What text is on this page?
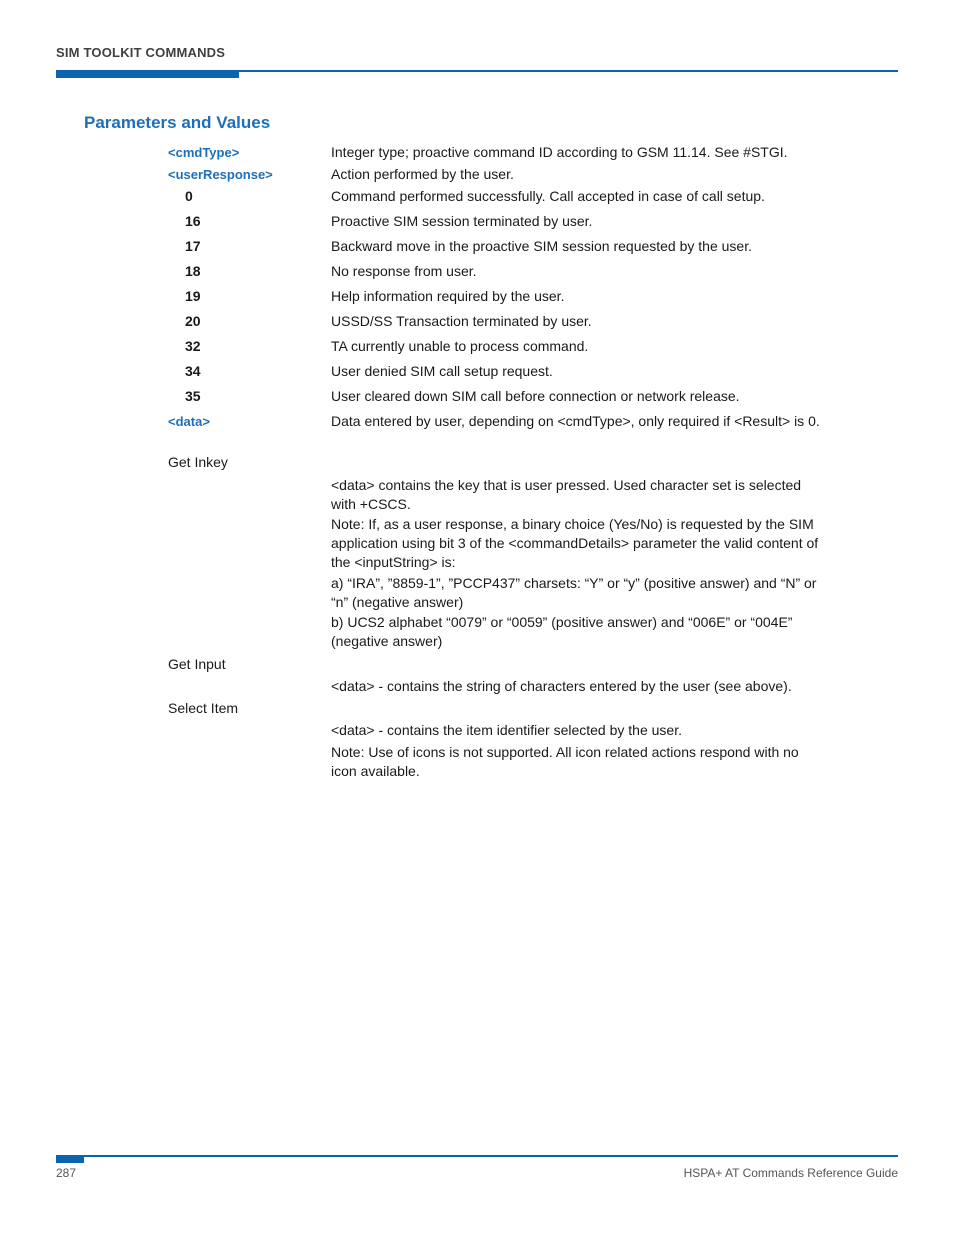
SIM TOOLKIT COMMANDS
Parameters and Values
<cmdType>	Integer type; proactive command ID according to GSM 11.14. See #STGI.
<userResponse>	Action performed by the user.
0	Command performed successfully. Call accepted in case of call setup.
16	Proactive SIM session terminated by user.
17	Backward move in the proactive SIM session requested by the user.
18	No response from user.
19	Help information required by the user.
20	USSD/SS Transaction terminated by user.
32	TA currently unable to process command.
34	User denied SIM call setup request.
35	User cleared down SIM call before connection or network release.
<data>	Data entered by user, depending on <cmdType>, only required if <Result> is 0.
Get Inkey
<data> contains the key that is user pressed. Used character set is selected with +CSCS.
Note: If, as a user response, a binary choice (Yes/No) is requested by the SIM application using bit 3 of the <commandDetails> parameter the valid content of the <inputString> is:
a) “IRA”, ”8859-1”, ”PCCP437” charsets: “Y” or “y” (positive answer) and “N” or “n” (negative answer)
b) UCS2 alphabet “0079” or “0059” (positive answer) and “006E” or “004E” (negative answer)
Get Input
<data> - contains the string of characters entered by the user (see above).
Select Item
<data> - contains the item identifier selected by the user.
Note: Use of icons is not supported. All icon related actions respond with no icon available.
287	HSPA+ AT Commands Reference Guide
